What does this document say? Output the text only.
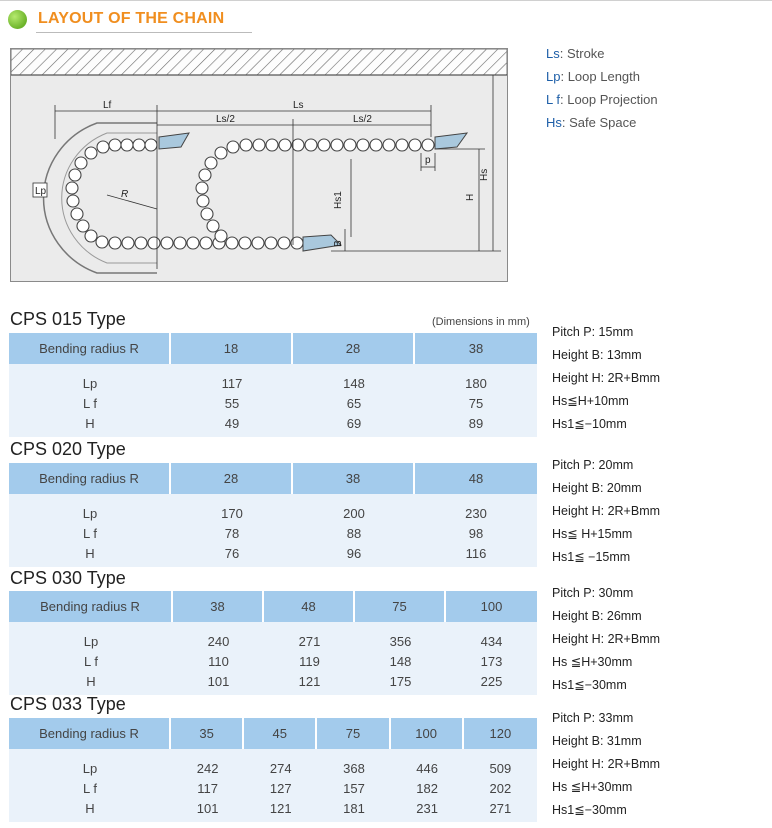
LAYOUT OF THE CHAIN
Lf	Ls
Ls/2	Ls/2
Lp	R
p
Hs1
B
H
Hs
Ls: Stroke
Lp: Loop Length
L f: Loop Projection
Hs: Safe Space
CPS 015 Type	(Dimensions in mm)
Bending radius R	18	28	38
Lp	117	148	180
L f	55	65	75
H	49	69	89
Pitch P: 15mm
Height B: 13mm
Height H: 2R+Bmm
Hs≦H+10mm
Hs1≦−10mm
CPS 020 Type
Bending radius R	28	38	48
Lp	170	200	230
L f	78	88	98
H	76	96	116
Pitch P: 20mm
Height B: 20mm
Height H: 2R+Bmm
Hs≦ H+15mm
Hs1≦ −15mm
CPS 030 Type
Bending radius R	38	48	75	100
Lp	240	271	356	434
L f	110	119	148	173
H	101	121	175	225
Pitch P: 30mm
Height B: 26mm
Height H: 2R+Bmm
Hs ≦H+30mm
Hs1≦−30mm
CPS 033 Type
Bending radius R	35	45	75	100	120
Lp	242	274	368	446	509
L f	117	127	157	182	202
H	101	121	181	231	271
Pitch P: 33mm
Height B: 31mm
Height H: 2R+Bmm
Hs ≦H+30mm
Hs1≦−30mm
